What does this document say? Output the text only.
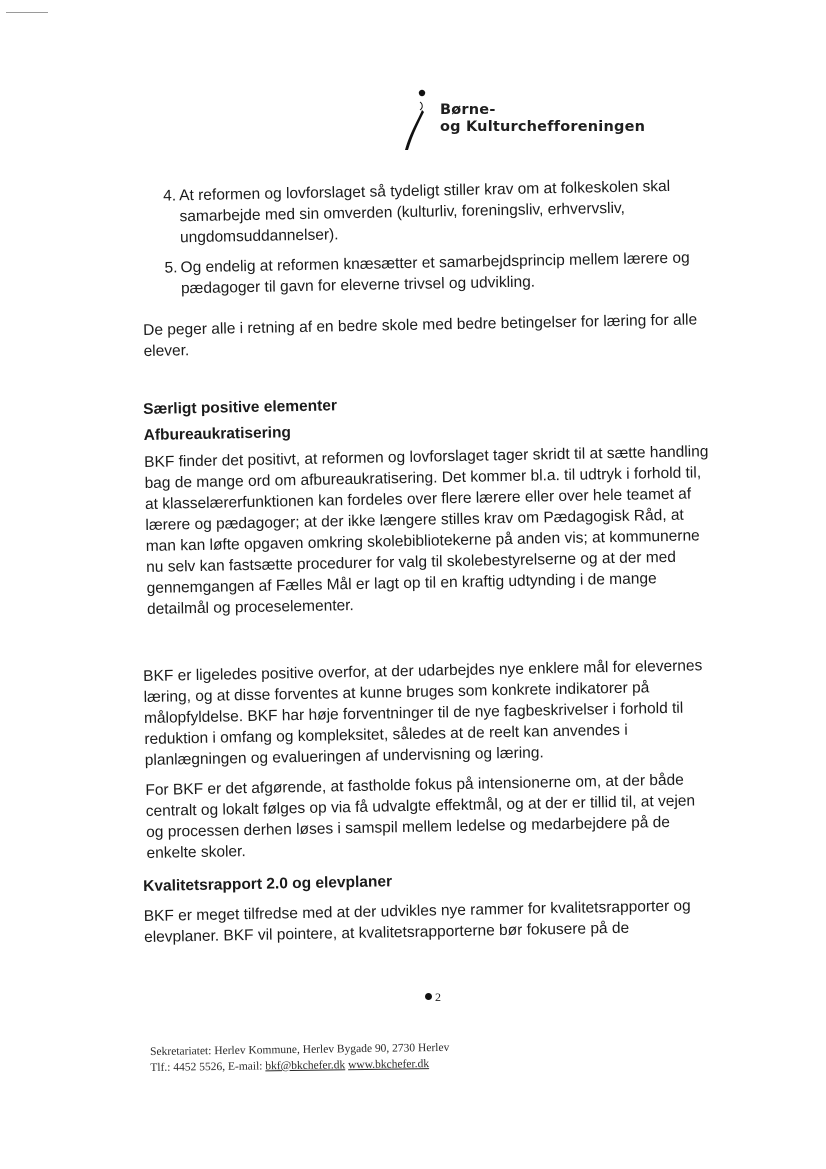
Børne-
og Kulturchefforeningen
4. At reformen og lovforslaget så tydeligt stiller krav om at folkeskolen skal samarbejde med sin omverden (kulturliv, foreningsliv, erhvervsliv, ungdomsuddannelser).
5. Og endelig at reformen knæsætter et samarbejdsprincip mellem lærere og pædagoger til gavn for eleverne trivsel og udvikling.

De peger alle i retning af en bedre skole med bedre betingelser for læring for alle elever.

Særligt positive elementer
Afbureaukratisering

BKF finder det positivt, at reformen og lovforslaget tager skridt til at sætte handling bag de mange ord om afbureaukratisering. Det kommer bl.a. til udtryk i forhold til, at klasselærerfunktionen kan fordeles over flere lærere eller over hele teamet af lærere og pædagoger; at der ikke længere stilles krav om Pædagogisk Råd, at man kan løfte opgaven omkring skolebibliotekerne på anden vis; at kommunerne nu selv kan fastsætte procedurer for valg til skolebestyrelserne og at der med gennemgangen af Fælles Mål er lagt op til en kraftig udtynding i de mange detailmål og proceselementer.

BKF er ligeledes positive overfor, at der udarbejdes nye enklere mål for elevernes læring, og at disse forventes at kunne bruges som konkrete indikatorer på målopfyldelse. BKF har høje forventninger til de nye fagbeskrivelser i forhold til reduktion i omfang og kompleksitet, således at de reelt kan anvendes i planlægningen og evalueringen af undervisning og læring.

For BKF er det afgørende, at fastholde fokus på intensionerne om, at der både centralt og lokalt følges op via få udvalgte effektmål, og at der er tillid til, at vejen og processen derhen løses i samspil mellem ledelse og medarbejdere på de enkelte skoler.

Kvalitetsrapport 2.0 og elevplaner

BKF er meget tilfredse med at der udvikles nye rammer for kvalitetsrapporter og elevplaner. BKF vil pointere, at kvalitetsrapporterne bør fokusere på de

2
Sekretariatet: Herlev Kommune, Herlev Bygade 90, 2730 Herlev
Tlf.: 4452 5526, E-mail: bkf@bkchefer.dk www.bkchefer.dk
